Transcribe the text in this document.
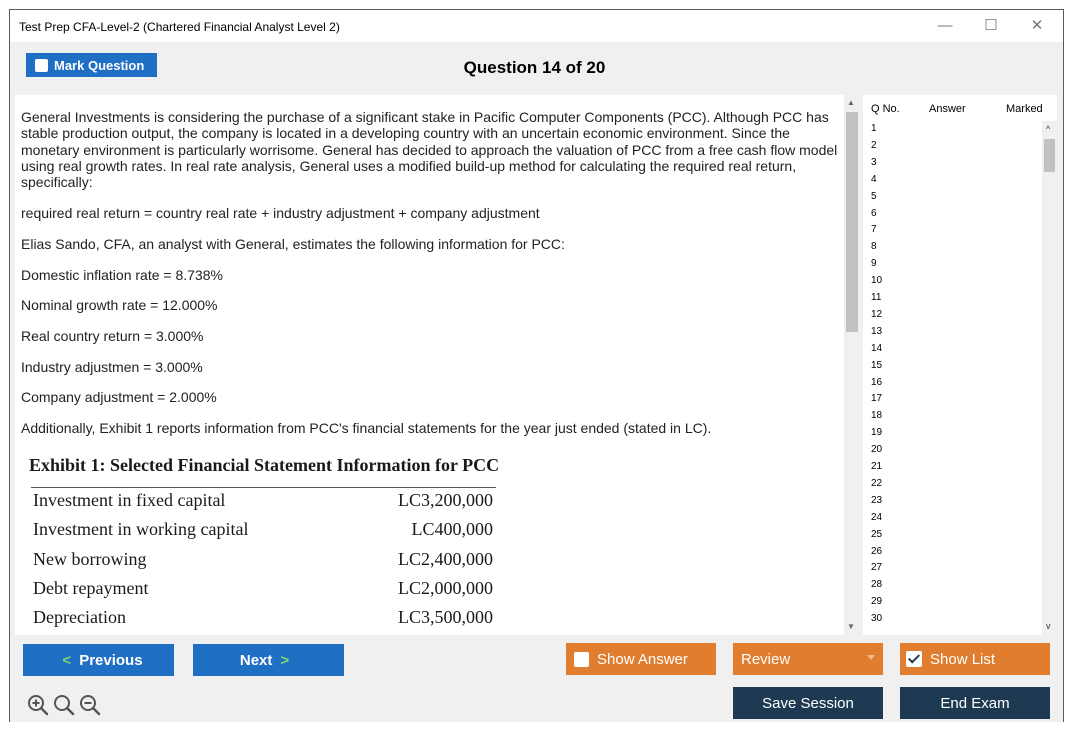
Test Prep CFA-Level-2 (Chartered Financial Analyst Level 2)	—	☐	✕
Mark Question	Question 14 of 20
General Investments is considering the purchase of a significant stake in Pacific Computer Components (PCC). Although PCC has stable production output, the company is located in a developing country with an uncertain economic environment. Since the monetary environment is particularly worrisome. General has decided to approach the valuation of PCC from a free cash flow model using real growth rates. In real rate analysis, General uses a modified build-up method for calculating the required real return, specifically:
required real return = country real rate + industry adjustment + company adjustment
Elias Sando, CFA, an analyst with General, estimates the following information for PCC:
Domestic inflation rate = 8.738%
Nominal growth rate = 12.000%
Real country return = 3.000%
Industry adjustmen = 3.000%
Company adjustment = 2.000%
Additionally, Exhibit 1 reports information from PCC's financial statements for the year just ended (stated in LC).
Exhibit 1: Selected Financial Statement Information for PCC
Investment in fixed capital	LC3,200,000
Investment in working capital	LC400,000
New borrowing	LC2,400,000
Debt repayment	LC2,000,000
Depreciation	LC3,500,000
▲
▼
Q No.	Answer	Marked
1
2
3
4
5
6
7
8
9
10
11
12
13
14
15
16
17
18
19
20
21
22
23
24
25
26
27
28
29
30
^
v
< Previous	Next >	Show Answer	Review	Show List
Save Session	End Exam
